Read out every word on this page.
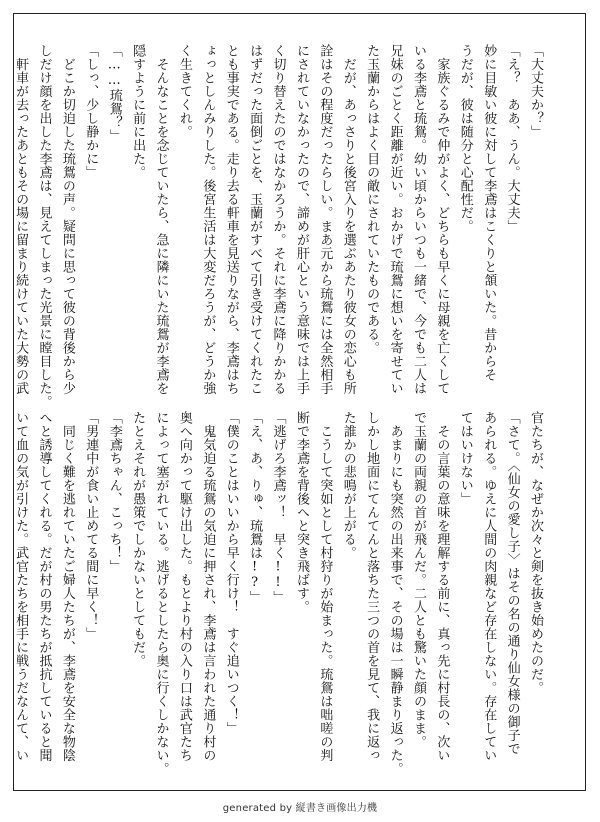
「大丈夫か？」

「え？　ああ、うん。大丈夫」

妙に目敏い彼に対して李鳶はこくりと頷いた。昔からそ

うだが、彼は随分と心配性だ。

　家族ぐるみで仲がよく、どちらも早くに母親を亡くして

いる李鳶と琉鴛。幼い頃からいつも一緒で、今でも二人は

兄妹のごとく距離が近い。おかげで琉鴛に想いを寄せてい

た玉蘭からはよく目の敵にされていたものである。

　だが、あっさりと後宮入りを選ぶあたり彼女の恋心も所

詮はその程度だったらしい。まあ元から琉鴛には全然相手

にされていなかったので、諦めが肝心という意味では上手

く切り替えたのではなかろうか。それに李鳶に降りかかる

はずだった面倒ごとを、玉蘭がすべて引き受けてくれたこ

とも事実である。走り去る軒車を見送りながら、李鳶はち

ょっとしんみりした。後宮生活は大変だろうが、どうか強

く生きてくれ。

　そんなことを念じていたら、急に隣にいた琉鴛が李鳶を

隠すように前に出た。

「……琉鴛？」

「しっ、少し静かに」

　どこか切迫した琉鴛の声。疑問に思って彼の背後から少

しだけ顔を出した李鳶は、見えてしまった光景に瞠目した。

　軒車が去ったあともその場に留まり続けていた大勢の武

官たちが、なぜか次々と剣を抜き始めたのだ。

「さて。〈仙女の愛し子〉はその名の通り仙女様の御子で

あられる。ゆえに人間の肉親など存在しない。存在してい

てはいけない」

　その言葉の意味を理解する前に、真っ先に村長の、次い

で玉蘭の両親の首が飛んだ。二人とも驚いた顔のまま。

　あまりにも突然の出来事で、その場は一瞬静まり返った。

しかし地面にてんてんと落ちた三つの首を見て、我に返っ

た誰かの悲鳴が上がる。

　こうして突如として村狩りが始まった。琉鴛は咄嗟の判

断で李鳶を背後へと突き飛ばす。

「逃げろ李鳶ッ！　早く!!」

「え、あ、りゅ、琉鴛は!?」

「僕のことはいいから早く行け！　すぐ追いつく！」

　鬼気迫る琉鴛の気迫に押され、李鳶は言われた通り村の

奥へ向かって駆け出した。もとより村の入り口は武官たち

によって塞がれている。逃げるとしたら奥に行くしかない。

たとえそれが愚策でしかないとしてもだ。

「李鳶ちゃん、こっち！」

「男連中が食い止めてる間に早く！」

　同じく難を逃れていたご婦人たちが、李鳶を安全な物陰

へと誘導してくれる。だが村の男たちが抵抗していると聞

いて血の気が引けた。武官たちを相手に戦うだなんて、い

generated by 縦書き画像出力機
